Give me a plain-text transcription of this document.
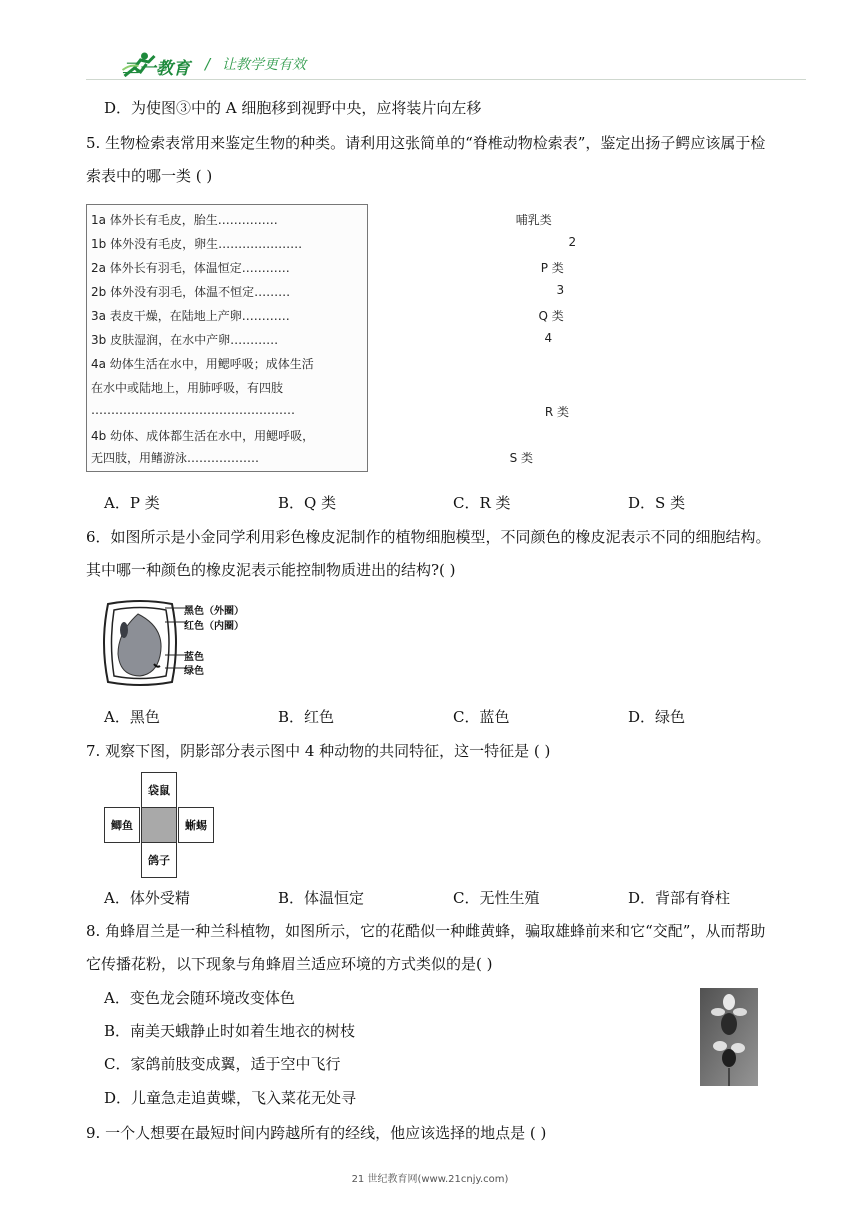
二一教育 / 让教学更有效
D．为使图③中的 A 细胞移到视野中央，应将装片向左移
5. 生物检索表常用来鉴定生物的种类。请利用这张简单的“脊椎动物检索表”，鉴定出扬子鳄应该属于检
索表中的哪一类 ( )
1a 体外长有毛皮，胎生……………	哺乳类
1b 体外没有毛皮，卵生…………………	2
2a 体外长有羽毛，体温恒定…………	P 类
2b 体外没有羽毛，体温不恒定………	3
3a 表皮干燥，在陆地上产卵…………	Q 类
3b 皮肤湿润，在水中产卵…………	4
4a 幼体生活在水中，用鳃呼吸；成体生活
在水中或陆地上，用肺呼吸，有四肢
……………………………………………	R 类
4b 幼体、成体都生活在水中，用鳃呼吸，
无四肢，用鳍游泳………………	S 类
A．P 类	B．Q 类	C．R 类	D．S 类
6．如图所示是小金同学利用彩色橡皮泥制作的植物细胞模型，不同颜色的橡皮泥表示不同的细胞结构。
其中哪一种颜色的橡皮泥表示能控制物质进出的结构?( )
黑色（外圈）
红色（内圈）
蓝色
绿色
A．黑色	B．红色	C．蓝色	D．绿色
7. 观察下图，阴影部分表示图中 4 种动物的共同特征，这一特征是 ( )
袋鼠
鲫鱼	蜥蜴
鸽子
A．体外受精	B．体温恒定	C．无性生殖	D．背部有脊柱
8. 角蜂眉兰是一种兰科植物，如图所示，它的花酷似一种雌黄蜂，骗取雄蜂前来和它“交配”，从而帮助
它传播花粉，以下现象与角蜂眉兰适应环境的方式类似的是( )
A．变色龙会随环境改变体色
B．南美天蛾静止时如着生地衣的树枝
C．家鸽前肢变成翼，适于空中飞行
D．儿童急走追黄蝶，飞入菜花无处寻
9. 一个人想要在最短时间内跨越所有的经线，他应该选择的地点是 ( )
21 世纪教育网(www.21cnjy.com)
